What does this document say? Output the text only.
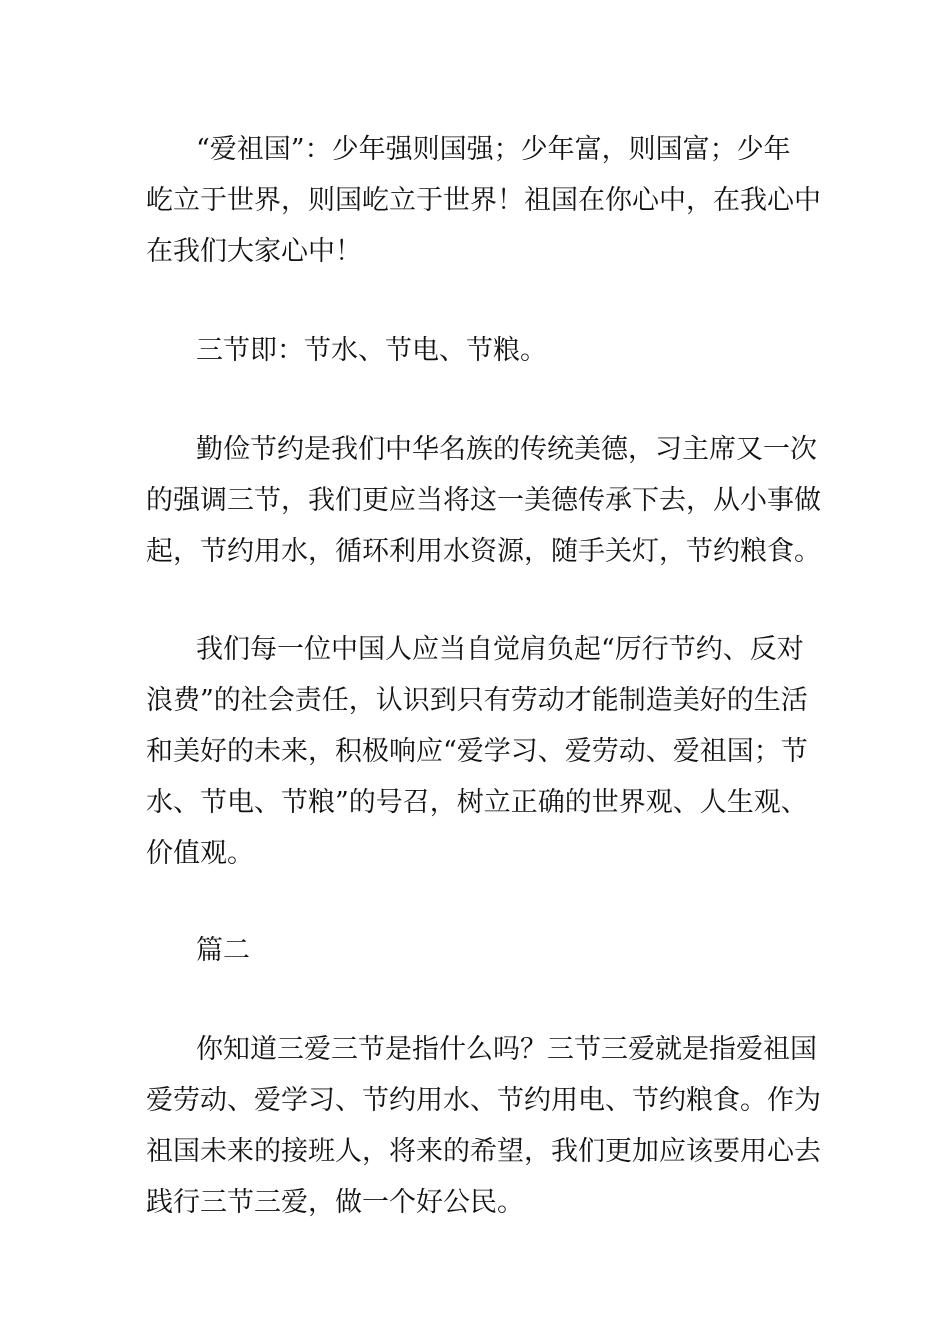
“爱祖国”：少年强则国强；少年富，则国富；少年
屹立于世界，则国屹立于世界！祖国在你心中，在我心中
在我们大家心中！
三节即：节水、节电、节粮。
勤俭节约是我们中华名族的传统美德，习主席又一次
的强调三节，我们更应当将这一美德传承下去，从小事做
起，节约用水，循环利用水资源，随手关灯，节约粮食。
我们每一位中国人应当自觉肩负起“厉行节约、反对
浪费”的社会责任，认识到只有劳动才能制造美好的生活
和美好的未来，积极响应“爱学习、爱劳动、爱祖国；节
水、节电、节粮”的号召，树立正确的世界观、人生观、
价值观。
篇二
你知道三爱三节是指什么吗？三节三爱就是指爱祖国
爱劳动、爱学习、节约用水、节约用电、节约粮食。作为
祖国未来的接班人，将来的希望，我们更加应该要用心去
践行三节三爱，做一个好公民。
